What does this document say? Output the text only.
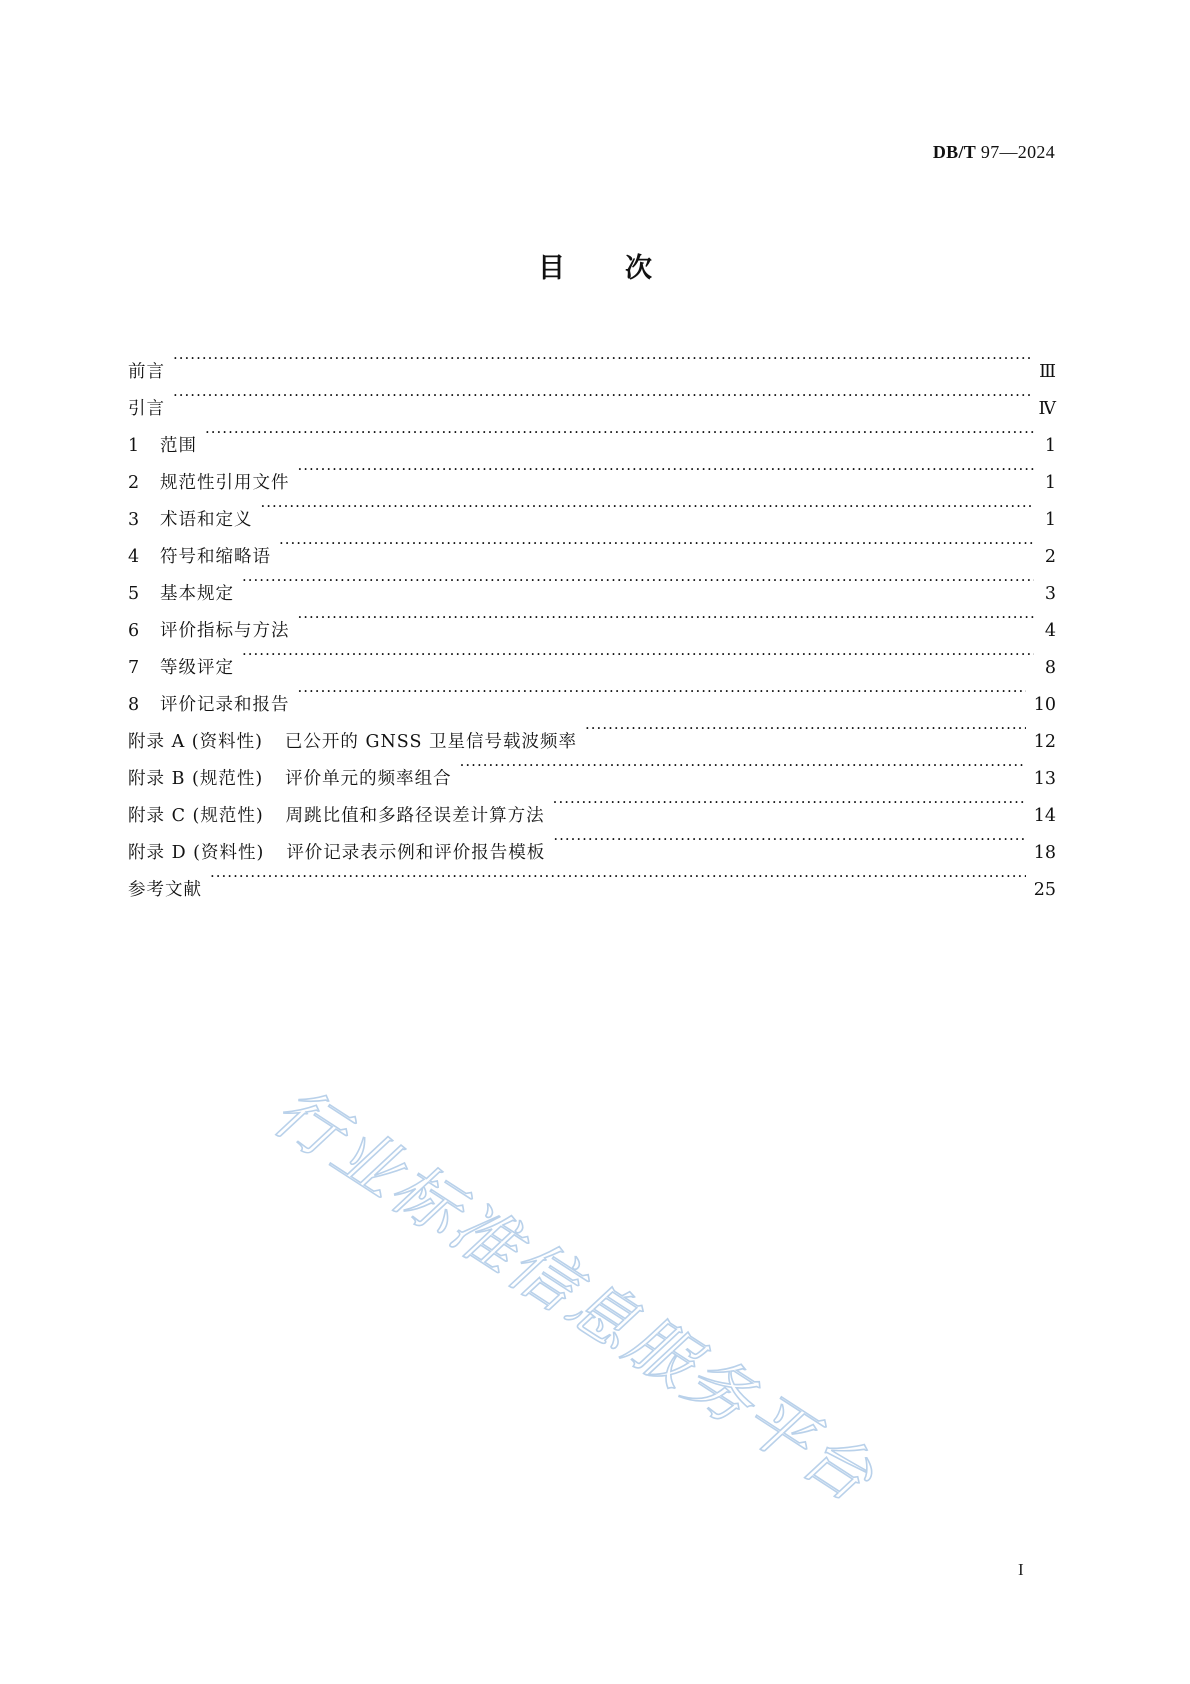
DB/T 97—2024
目次
前言 ·····	Ⅲ
引言 ·····	Ⅳ
1	范围 ·····	1
2	规范性引用文件 ·····	1
3	术语和定义 ·····	1
4	符号和缩略语 ·····	2
5	基本规定 ·····	3
6	评价指标与方法 ·····	4
7	等级评定 ·····	8
8	评价记录和报告 ·····	10
附录 A (资料性) 已公开的 GNSS 卫星信号载波频率 ·····	12
附录 B (规范性) 评价单元的频率组合 ·····	13
附录 C (规范性) 周跳比值和多路径误差计算方法 ·····	14
附录 D (资料性) 评价记录表示例和评价报告模板 ·····	18
参考文献 ·····	25
行业标准信息服务平台
I
